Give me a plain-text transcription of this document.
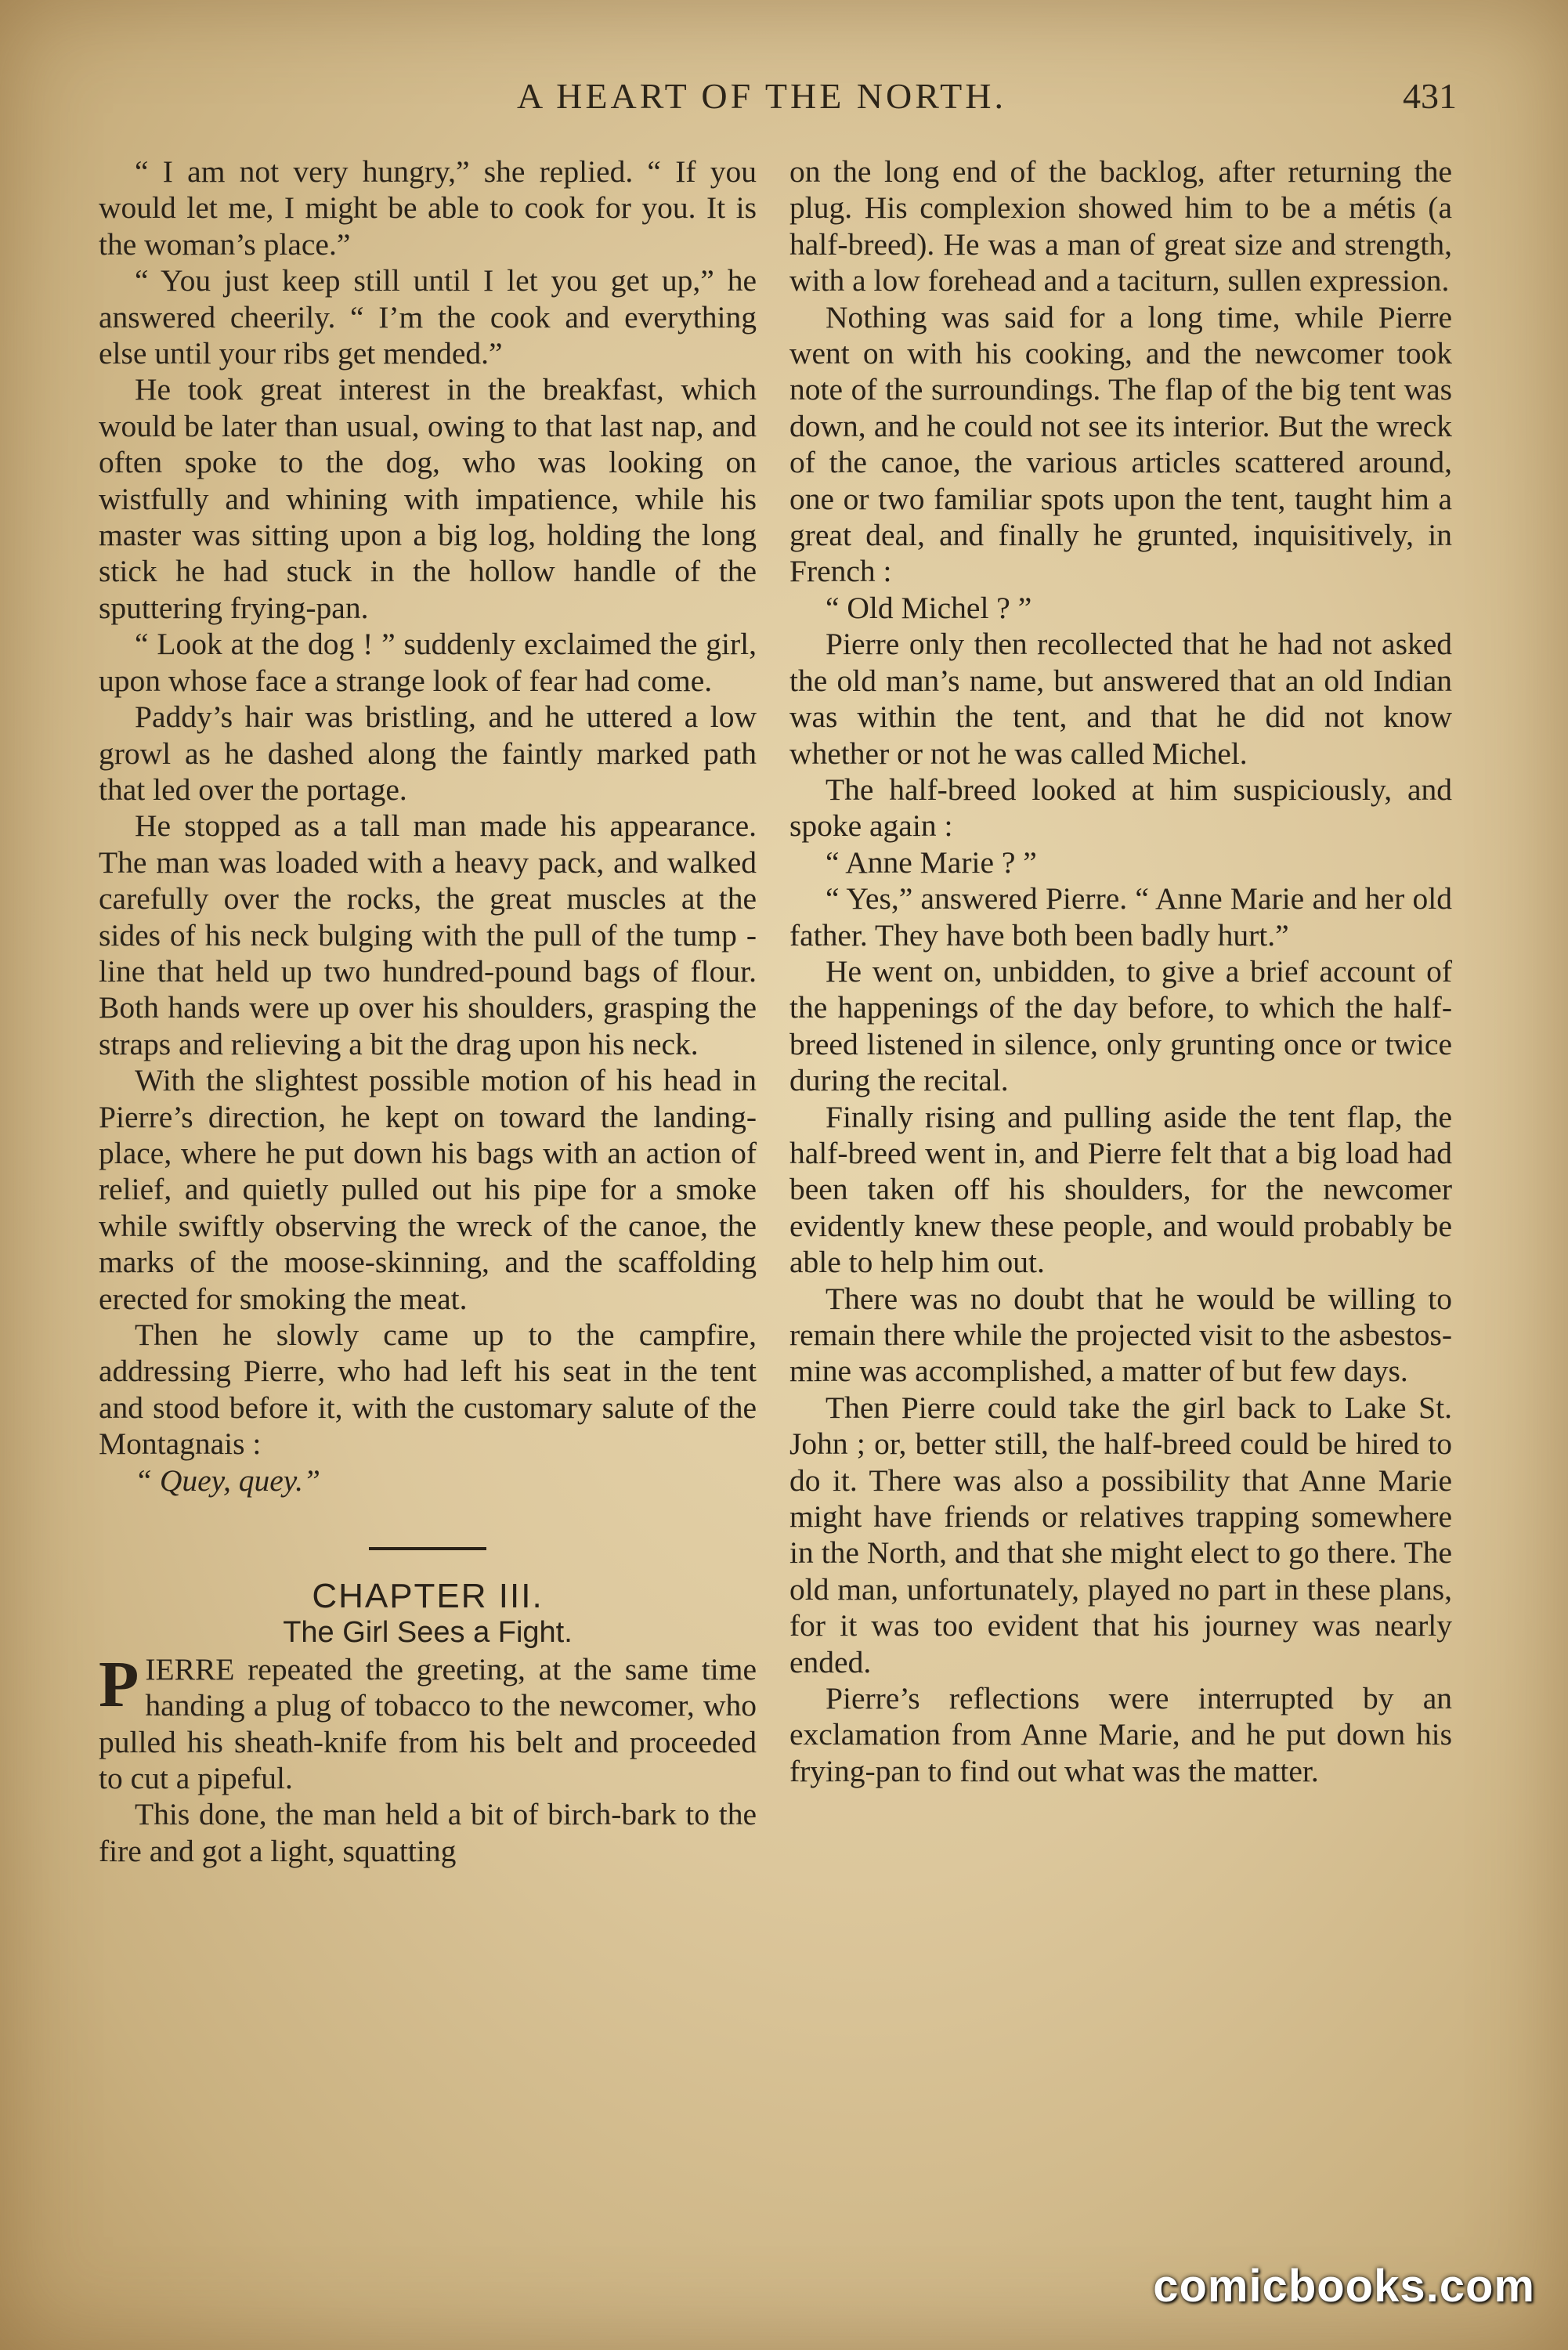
A HEART OF THE NORTH.	431

“ I am not very hungry,” she replied. “ If you would let me, I might be able to cook for you. It is the woman’s place.”

“ You just keep still until I let you get up,” he answered cheerily. “ I’m the cook and everything else until your ribs get mended.”

He took great interest in the breakfast, which would be later than usual, owing to that last nap, and often spoke to the dog, who was looking on wistfully and whining with impatience, while his master was sitting upon a big log, holding the long stick he had stuck in the hollow handle of the sputtering frying-pan.

“ Look at the dog ! ” suddenly exclaimed the girl, upon whose face a strange look of fear had come.

Paddy’s hair was bristling, and he uttered a low growl as he dashed along the faintly marked path that led over the portage.

He stopped as a tall man made his appearance. The man was loaded with a heavy pack, and walked carefully over the rocks, the great muscles at the sides of his neck bulging with the pull of the tump - line that held up two hundred-pound bags of flour. Both hands were up over his shoulders, grasping the straps and relieving a bit the drag upon his neck.

With the slightest possible motion of his head in Pierre’s direction, he kept on toward the landing-place, where he put down his bags with an action of relief, and quietly pulled out his pipe for a smoke while swiftly observing the wreck of the canoe, the marks of the moose-skinning, and the scaffolding erected for smoking the meat.

Then he slowly came up to the campfire, addressing Pierre, who had left his seat in the tent and stood before it, with the customary salute of the Montagnais :

“ Quey, quey.”

CHAPTER III.

The Girl Sees a Fight.

PIERRE repeated the greeting, at the same time handing a plug of tobacco to the newcomer, who pulled his sheath-knife from his belt and proceeded to cut a pipeful.

This done, the man held a bit of birch-bark to the fire and got a light, squatting

on the long end of the backlog, after returning the plug. His complexion showed him to be a métis (a half-breed). He was a man of great size and strength, with a low forehead and a taciturn, sullen expression.

Nothing was said for a long time, while Pierre went on with his cooking, and the newcomer took note of the surroundings. The flap of the big tent was down, and he could not see its interior. But the wreck of the canoe, the various articles scattered around, one or two familiar spots upon the tent, taught him a great deal, and finally he grunted, inquisitively, in French :

“ Old Michel ? ”

Pierre only then recollected that he had not asked the old man’s name, but answered that an old Indian was within the tent, and that he did not know whether or not he was called Michel.

The half-breed looked at him suspiciously, and spoke again :

“ Anne Marie ? ”

“ Yes,” answered Pierre. “ Anne Marie and her old father. They have both been badly hurt.”

He went on, unbidden, to give a brief account of the happenings of the day before, to which the half-breed listened in silence, only grunting once or twice during the recital.

Finally rising and pulling aside the tent flap, the half-breed went in, and Pierre felt that a big load had been taken off his shoulders, for the newcomer evidently knew these people, and would probably be able to help him out.

There was no doubt that he would be willing to remain there while the projected visit to the asbestos-mine was accomplished, a matter of but few days.

Then Pierre could take the girl back to Lake St. John ; or, better still, the half-breed could be hired to do it. There was also a possibility that Anne Marie might have friends or relatives trapping somewhere in the North, and that she might elect to go there. The old man, unfortunately, played no part in these plans, for it was too evident that his journey was nearly ended.

Pierre’s reflections were interrupted by an exclamation from Anne Marie, and he put down his frying-pan to find out what was the matter.

comicbooks.com
